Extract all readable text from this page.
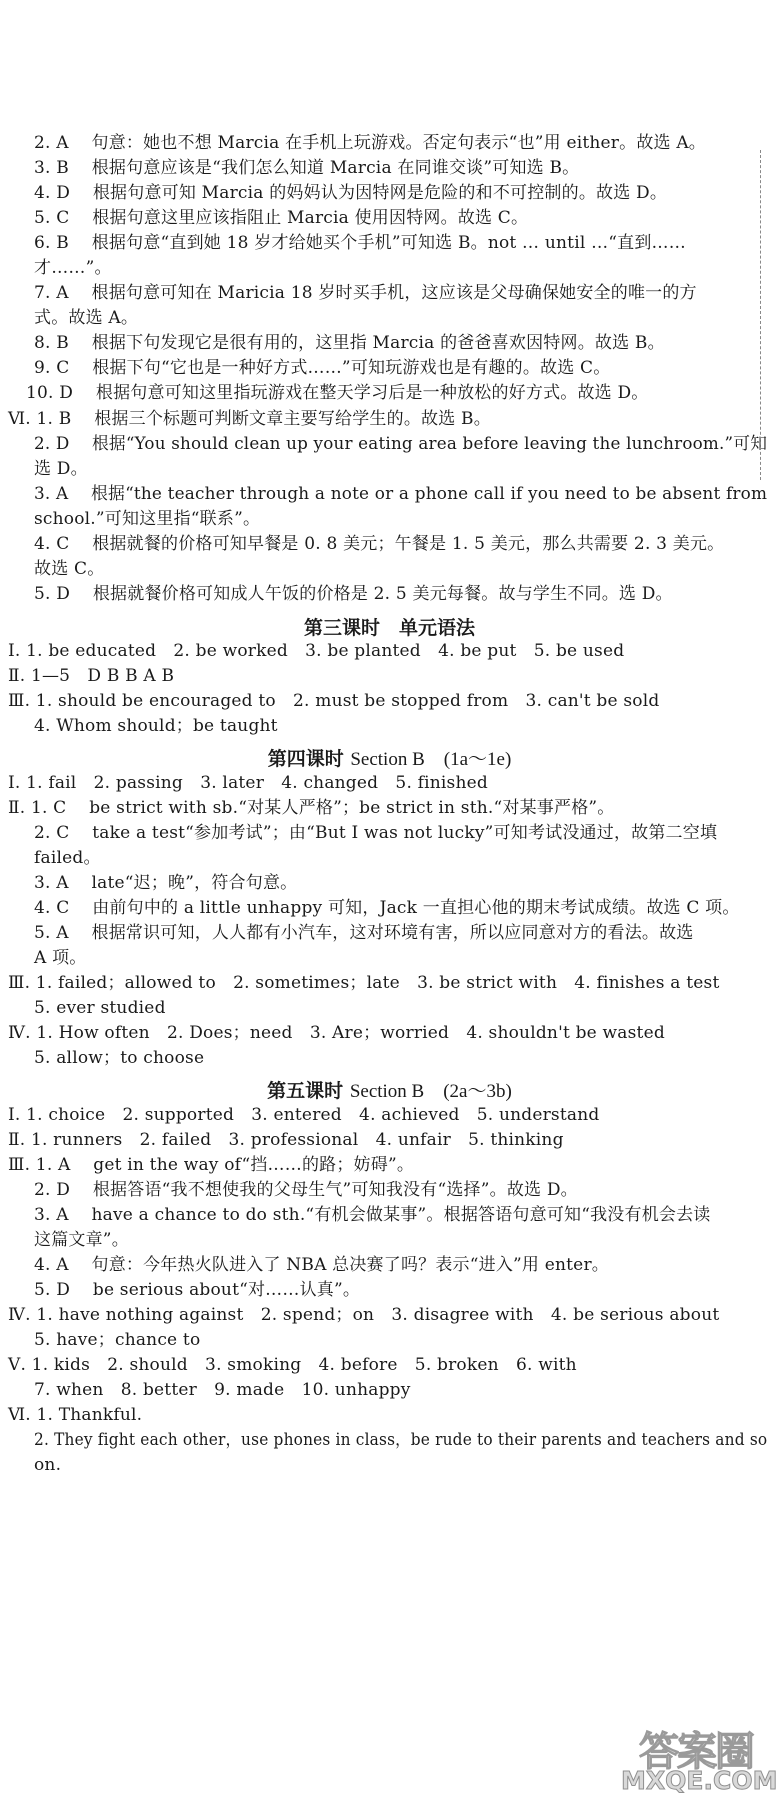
2. A　 句意：她也不想 Marcia 在手机上玩游戏。否定句表示“也”用 either。故选 A。
3. B　 根据句意应该是“我们怎么知道 Marcia 在同谁交谈”可知选 B。
4. D　 根据句意可知 Marcia 的妈妈认为因特网是危险的和不可控制的。故选 D。
5. C　 根据句意这里应该指阻止 Marcia 使用因特网。故选 C。
6. B　 根据句意“直到她 18 岁才给她买个手机”可知选 B。not … until …“直到……
才……”。
7. A　 根据句意可知在 Maricia 18 岁时买手机，这应该是父母确保她安全的唯一的方
式。故选 A。
8. B　 根据下句发现它是很有用的，这里指 Marcia 的爸爸喜欢因特网。故选 B。
9. C　 根据下句“它也是一种好方式……”可知玩游戏也是有趣的。故选 C。
10. D　 根据句意可知这里指玩游戏在整天学习后是一种放松的好方式。故选 D。
Ⅵ. 1. B　 根据三个标题可判断文章主要写给学生的。故选 B。
2. D　 根据“You should clean up your eating area before leaving the lunchroom.”可知
选 D。
3. A　 根据“the teacher through a note or a phone call if you need to be absent from
school.”可知这里指“联系”。
4. C　 根据就餐的价格可知早餐是 0. 8 美元；午餐是 1. 5 美元，那么共需要 2. 3 美元。
故选 C。
5. D　 根据就餐价格可知成人午饭的价格是 2. 5 美元每餐。故与学生不同。选 D。
第三课时　单元语法
Ⅰ. 1. be educated　2. be worked　3. be planted　4. be put　5. be used
Ⅱ. 1—5　D B B A B
Ⅲ. 1. should be encouraged to　2. must be stopped from　3. can't be sold
4. Whom should；be taught
第四课时 Section B　(1a～1e)
Ⅰ. 1. fail　2. passing　3. later　4. changed　5. finished
Ⅱ. 1. C　 be strict with sb.“对某人严格”；be strict in sth.“对某事严格”。
2. C　 take a test“参加考试”；由“But I was not lucky”可知考试没通过，故第二空填
failed。
3. A　 late“迟；晚”，符合句意。
4. C　 由前句中的 a little unhappy 可知，Jack 一直担心他的期末考试成绩。故选 C 项。
5. A　 根据常识可知，人人都有小汽车，这对环境有害，所以应同意对方的看法。故选
A 项。
Ⅲ. 1. failed；allowed to　2. sometimes；late　3. be strict with　4. finishes a test
5. ever studied
Ⅳ. 1. How often　2. Does；need　3. Are；worried　4. shouldn't be wasted
5. allow；to choose
第五课时 Section B　(2a～3b)
Ⅰ. 1. choice　2. supported　3. entered　4. achieved　5. understand
Ⅱ. 1. runners　2. failed　3. professional　4. unfair　5. thinking
Ⅲ. 1. A　 get in the way of“挡……的路；妨碍”。
2. D　 根据答语“我不想使我的父母生气”可知我没有“选择”。故选 D。
3. A　 have a chance to do sth.“有机会做某事”。根据答语句意可知“我没有机会去读
这篇文章”。
4. A　 句意：今年热火队进入了 NBA 总决赛了吗？表示“进入”用 enter。
5. D　 be serious about“对……认真”。
Ⅳ. 1. have nothing against　2. spend；on　3. disagree with　4. be serious about
5. have；chance to
Ⅴ. 1. kids　2. should　3. smoking　4. before　5. broken　6. with
7. when　8. better　9. made　10. unhappy
Ⅵ. 1. Thankful.
2. They fight each other，use phones in class，be rude to their parents and teachers and so
on.
答案圈
MXQE.COM
